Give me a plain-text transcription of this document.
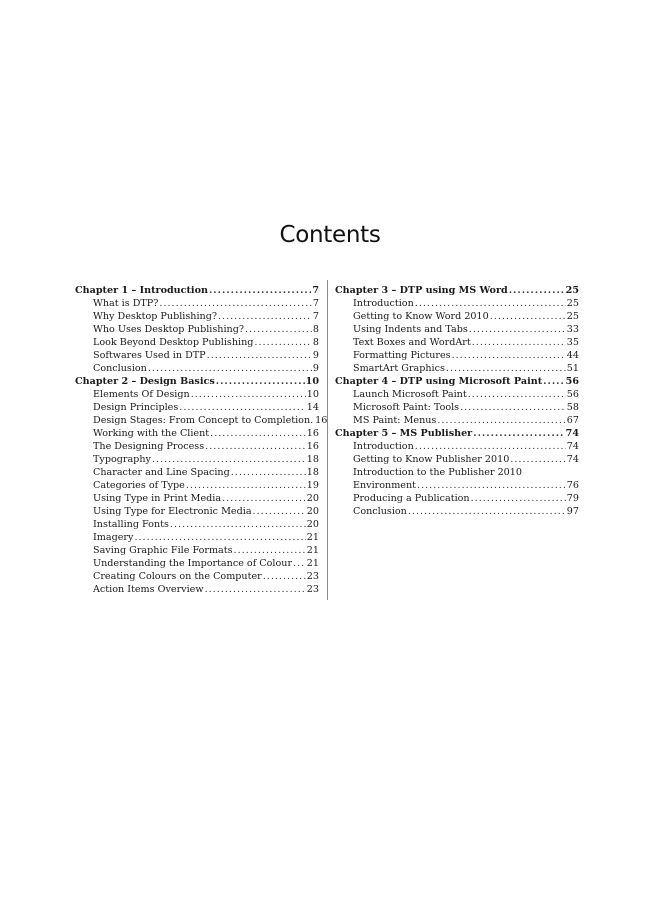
Contents
Chapter 1 – Introduction .....	7
What is DTP? .....	7
Why Desktop Publishing? .....	7
Who Uses Desktop Publishing? .....	8
Look Beyond Desktop Publishing .....	8
Softwares Used in DTP .....	9
Conclusion .....	9
Chapter 2 – Design Basics .....	10
Elements Of Design .....	10
Design Principles .....	14
Design Stages: From Concept to Completion. 16
Working with the Client .....	16
The Designing Process .....	16
Typography .....	18
Character and Line Spacing .....	18
Categories of Type .....	19
Using Type in Print Media .....	20
Using Type for Electronic Media .....	20
Installing Fonts .....	20
Imagery .....	21
Saving Graphic File Formats .....	21
Understanding the Importance of Colour ..... 21
Creating Colours on the Computer .....	23
Action Items Overview .....	23
Chapter 3 – DTP using MS Word .....	25
Introduction .....	25
Getting to Know Word 2010 .....	25
Using Indents and Tabs .....	33
Text Boxes and WordArt .....	35
Formatting Pictures .....	44
SmartArt Graphics .....	51
Chapter 4 – DTP using Microsoft Paint ..... 56
Launch Microsoft Paint .....	56
Microsoft Paint: Tools .....	58
MS Paint: Menus .....	67
Chapter 5 – MS Publisher .....	74
Introduction .....	74
Getting to Know Publisher 2010 .....	74
Introduction to the Publisher 2010
Environment .....	76
Producing a Publication .....	79
Conclusion .....	97
